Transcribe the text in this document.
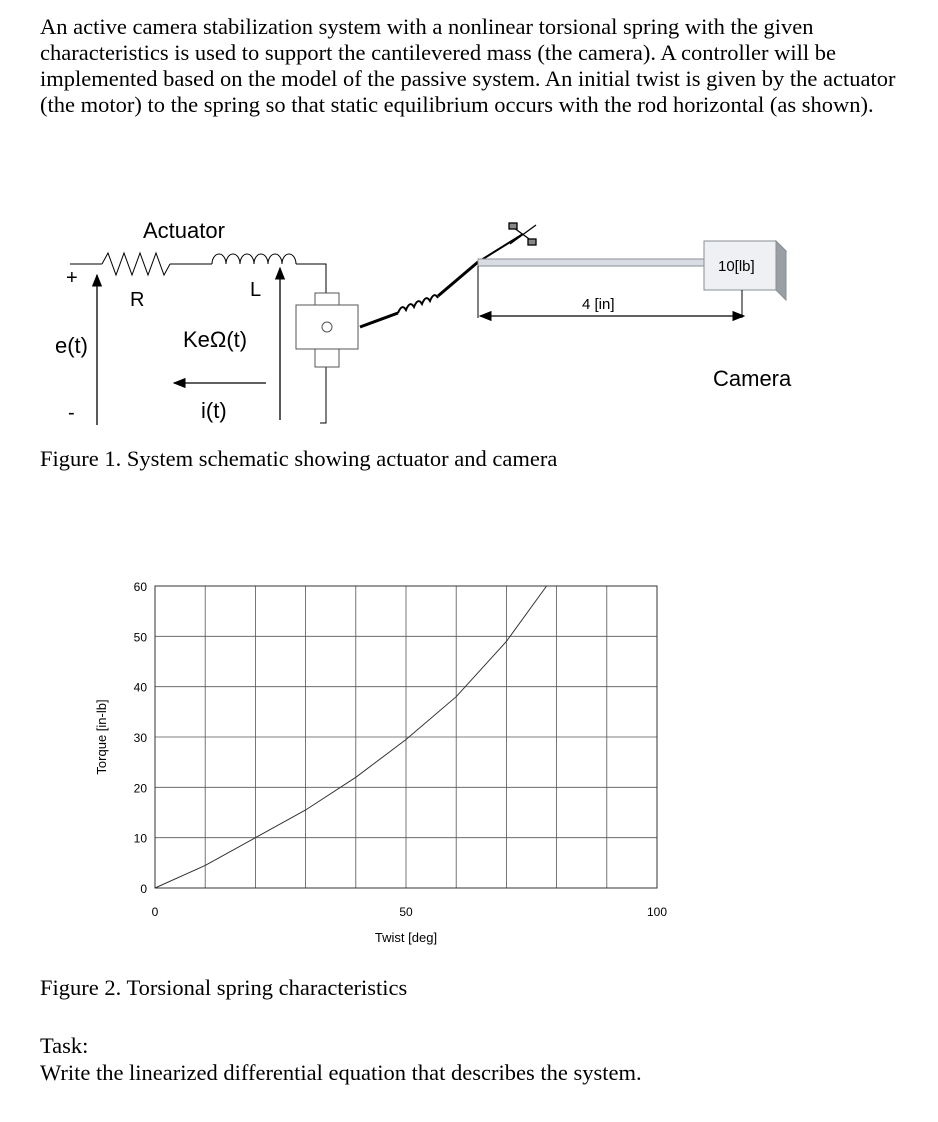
An active camera stabilization system with a nonlinear torsional spring with the given characteristics is used to support the cantilevered mass (the camera). A controller will be implemented based on the model of the passive system. An initial twist is given by the actuator (the motor) to the spring so that static equilibrium occurs with the rod horizontal (as shown).

Actuator
+
-
e(t)
R	L
KeΩ(t)
i(t)
4 [in]
10[lb]
Camera

Figure 1. System schematic showing actuator and camera

0
10
20
30
40
50
60
0	50	100
Twist [deg]
Torque [in-lb]

Figure 2. Torsional spring characteristics

Task:

Write the linearized differential equation that describes the system.
